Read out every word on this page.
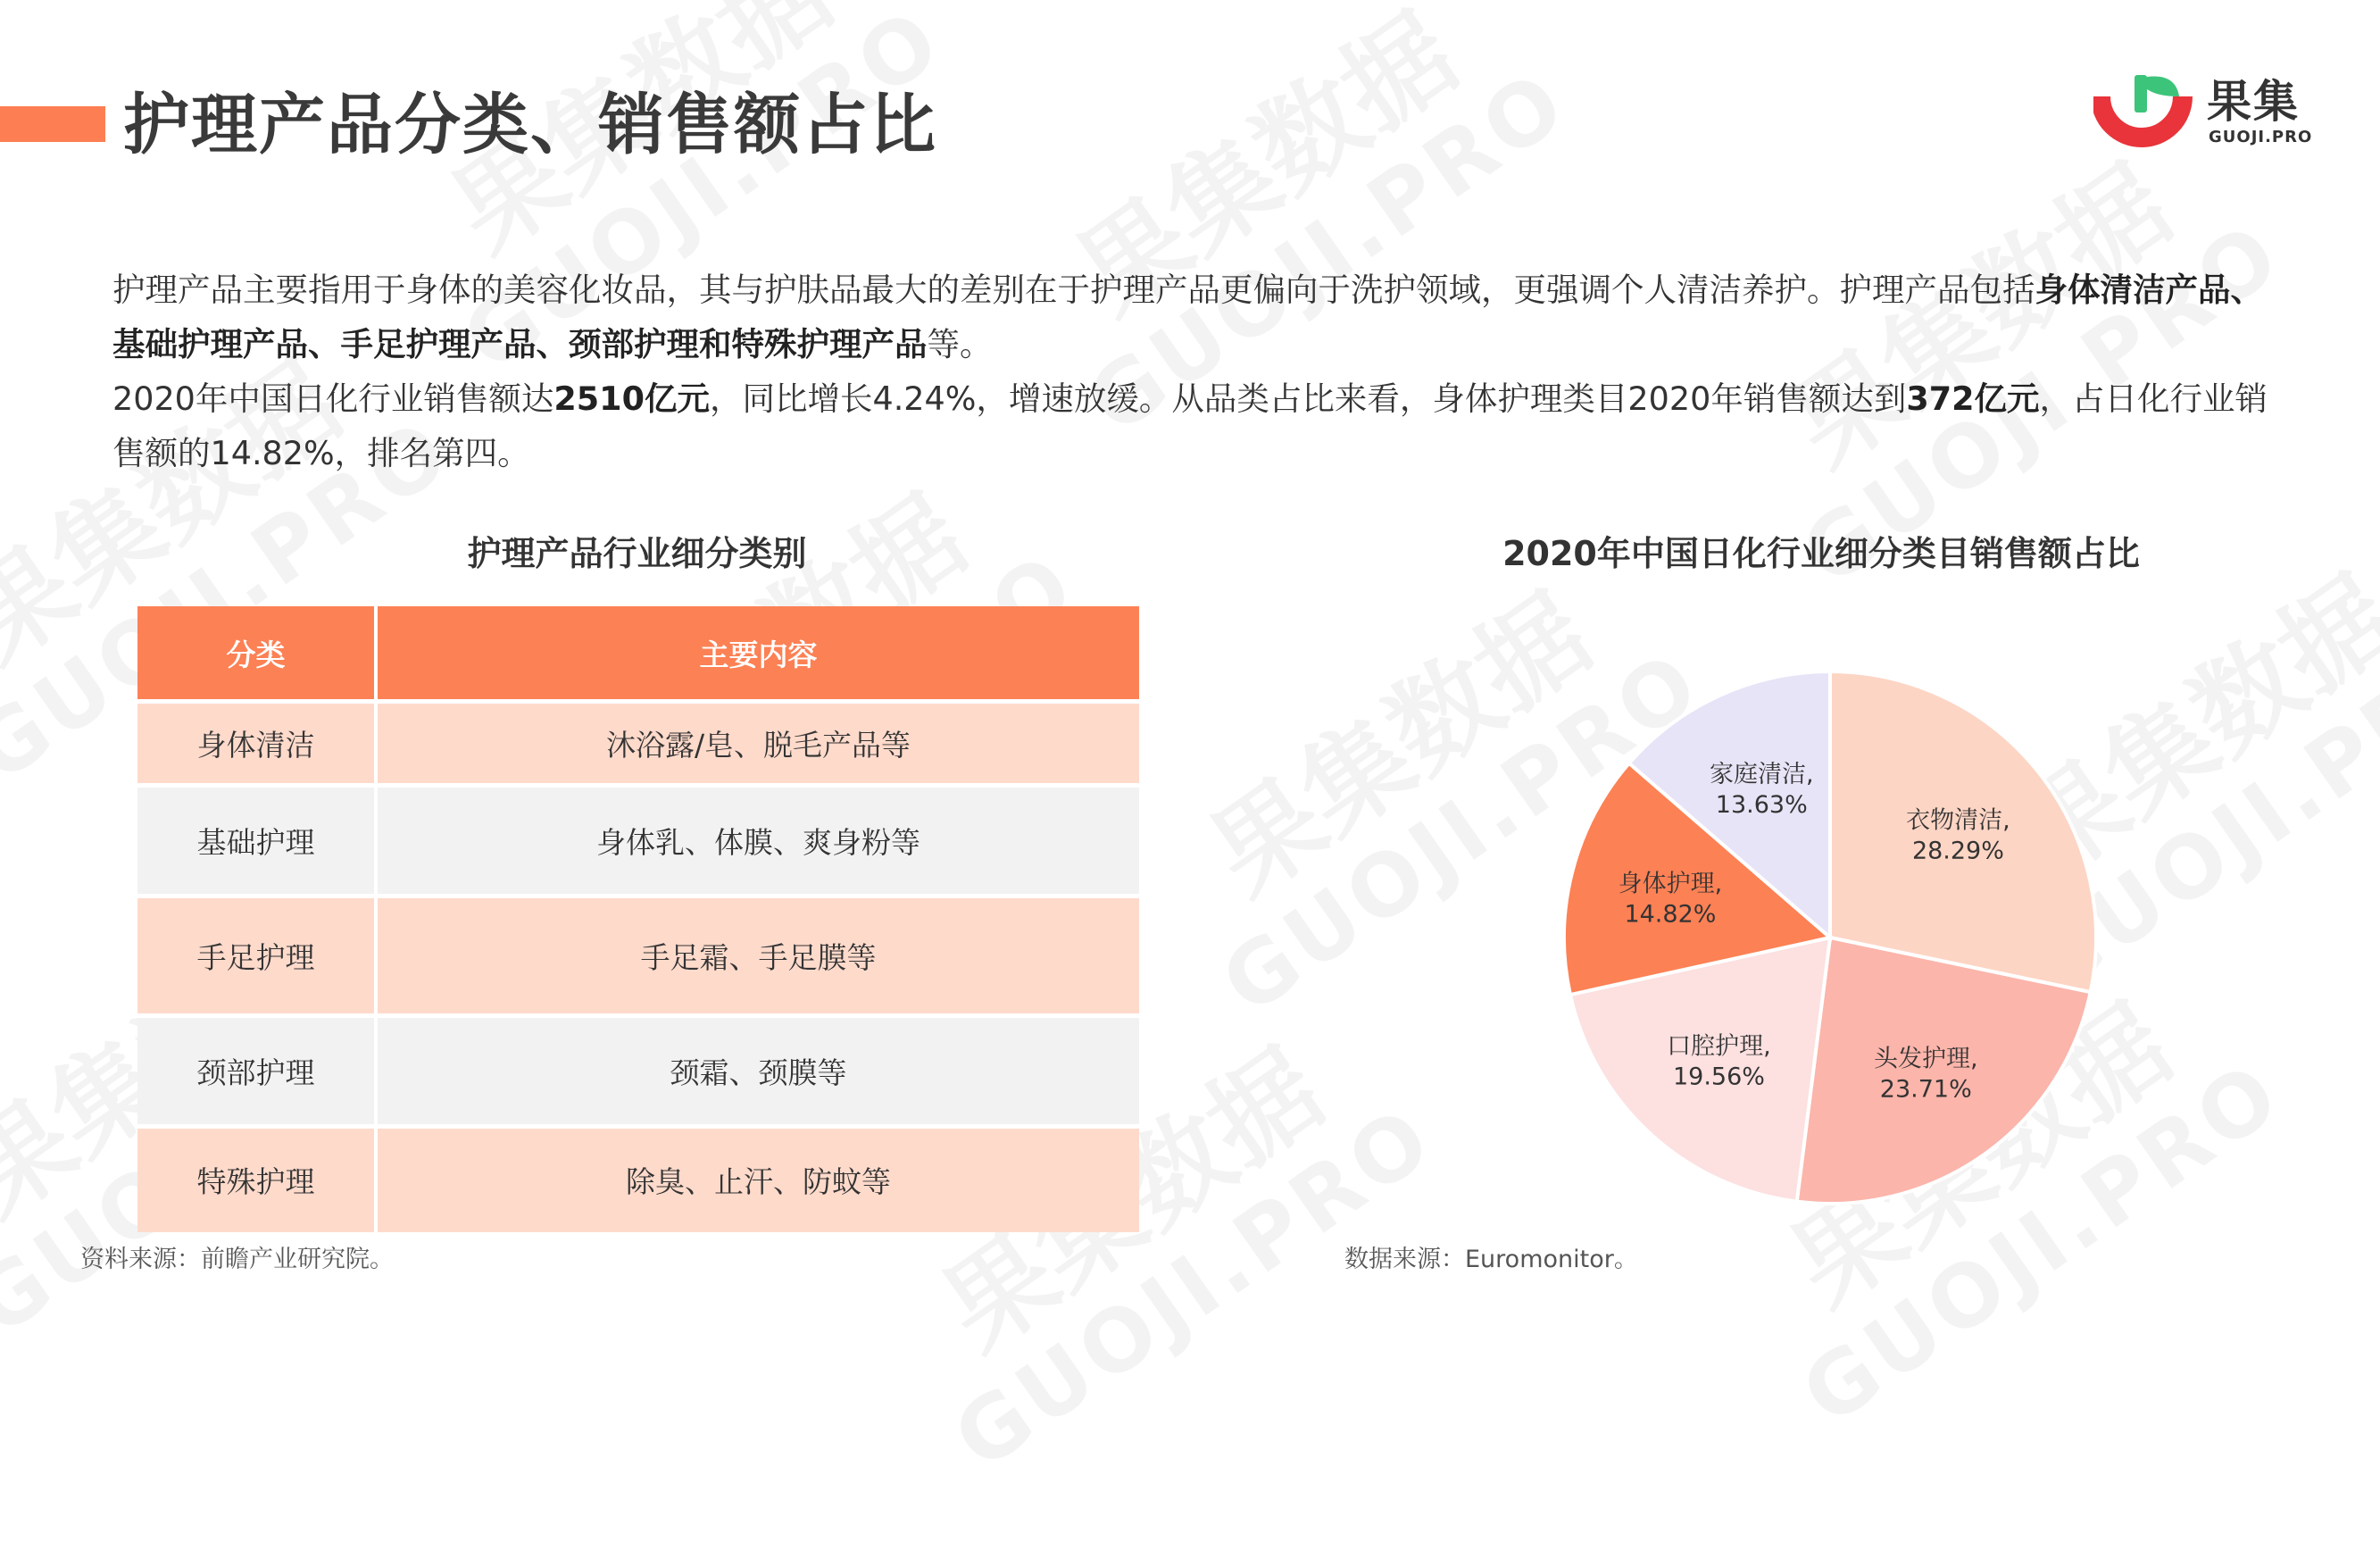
护理产品分类、销售额占比	果集
GUOJI.PRO

护理产品主要指用于身体的美容化妆品，其与护肤品最大的差别在于护理产品更偏向于洗护领域，更强调个人清洁养护。护理产品包括身体清洁产品、基础护理产品、手足护理产品、颈部护理和特殊护理产品等。

2020年中国日化行业销售额达2510亿元，同比增长4.24%，增速放缓。从品类占比来看，身体护理类目2020年销售额达到372亿元，占日化行业销售额的14.82%，排名第四。

护理产品行业细分类别
分类	主要内容
身体清洁	沐浴露/皂、脱毛产品等
基础护理	身体乳、体膜、爽身粉等
手足护理	手足霜、手足膜等
颈部护理	颈霜、颈膜等
特殊护理	除臭、止汗、防蚊等
2020年中国日化行业细分类目销售额占比
衣物清洁, 28.29%
头发护理, 23.71%
口腔护理, 19.56%
身体护理, 14.82%
家庭清洁, 13.63%
资料来源：前瞻产业研究院。	数据来源：Euromonitor。
